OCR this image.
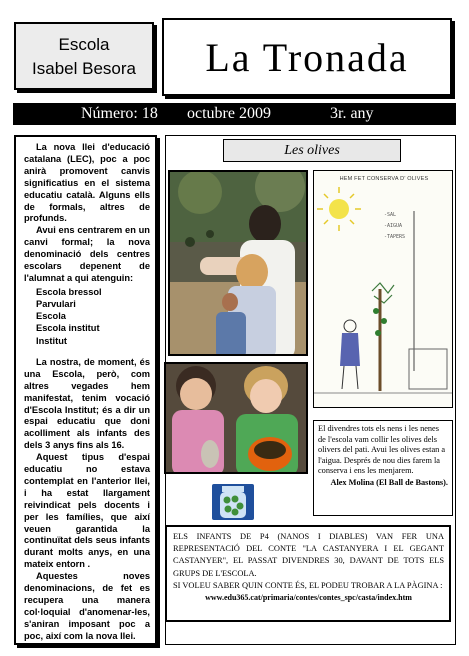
Escola
Isabel Besora	La Tronada
Número: 18 octubre 2009	3r. any

La nova llei d'educació catalana (LEC), poc a poc anirà promovent canvis significatius en el sistema educatiu català. Alguns ells de formals, altres de profunds.

Avui ens centrarem en un canvi formal; la nova denominació dels centres escolars depenent de l'alumnat a qui atenguin:

Escola bressol
Parvulari
Escola
Escola institut
Institut

La nostra, de moment, és una Escola, però, com altres vegades hem manifestat, tenim vocació d'Escola Institut; és a dir un espai educatiu que doni acolliment als infants des dels 3 anys fins als 16.

Aquest tipus d'espai educatiu no estava contemplat en l'anterior llei, i ha estat llargament reivindicat pels docents i per les famílies, que així veuen garantida la continuïtat dels seus infants durant molts anys, en una mateix entorn .

Aquestes noves denominacions, de fet es recupera una manera col·loquial d'anomenar-les, s'aniran imposant poc a poc, així com la nova llei.

Les olives
HEM FET CONSERVA D' OLIVES
-SAL
-AIGUA
-TAPERS
El divendres tots els nens i les nenes de l'escola vam collir les olives dels olivers del pati. Avui les olives estan a l'aigua. Després de nou dies farem la conserva i ens les menjarem.
Alex Molina (El Ball de Bastons).
ELS INFANTS DE P4 (NANOS I DIABLES) VAN FER UNA REPRESENTACIÓ DEL CONTE "LA CASTANYERA I EL GEGANT CASTANYER", EL PASSAT DIVENDRES 30, DAVANT DE TOTS ELS GRUPS DE L'ESCOLA.
SI VOLEU SABER QUIN CONTE ÉS, EL PODEU TROBAR A LA PÀGINA :
www.edu365.cat/primaria/contes/contes_spc/casta/index.htm
